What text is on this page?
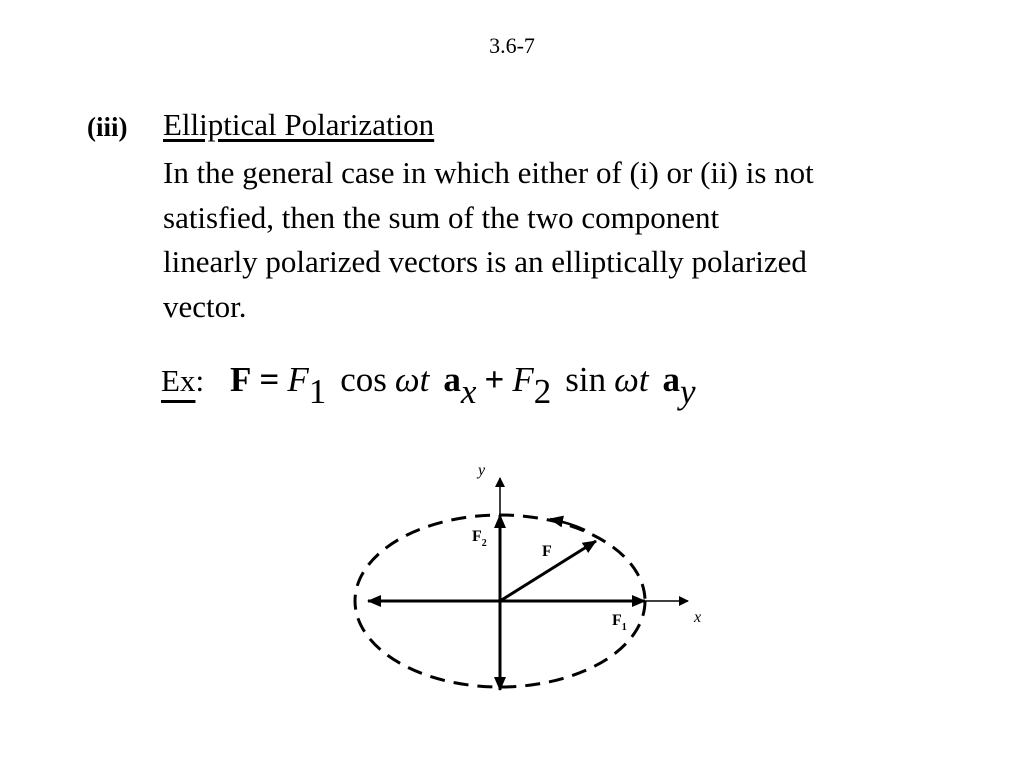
3.6-7
(iii) Elliptical Polarization
In the general case in which either of (i) or (ii) is not
satisfied, then the sum of the two component
linearly polarized vectors is an elliptically polarized
vector.
Ex: F = F1 cos ωt ax + F2 sin ωt ay
y
x
$F_2$	F
$F_1$
